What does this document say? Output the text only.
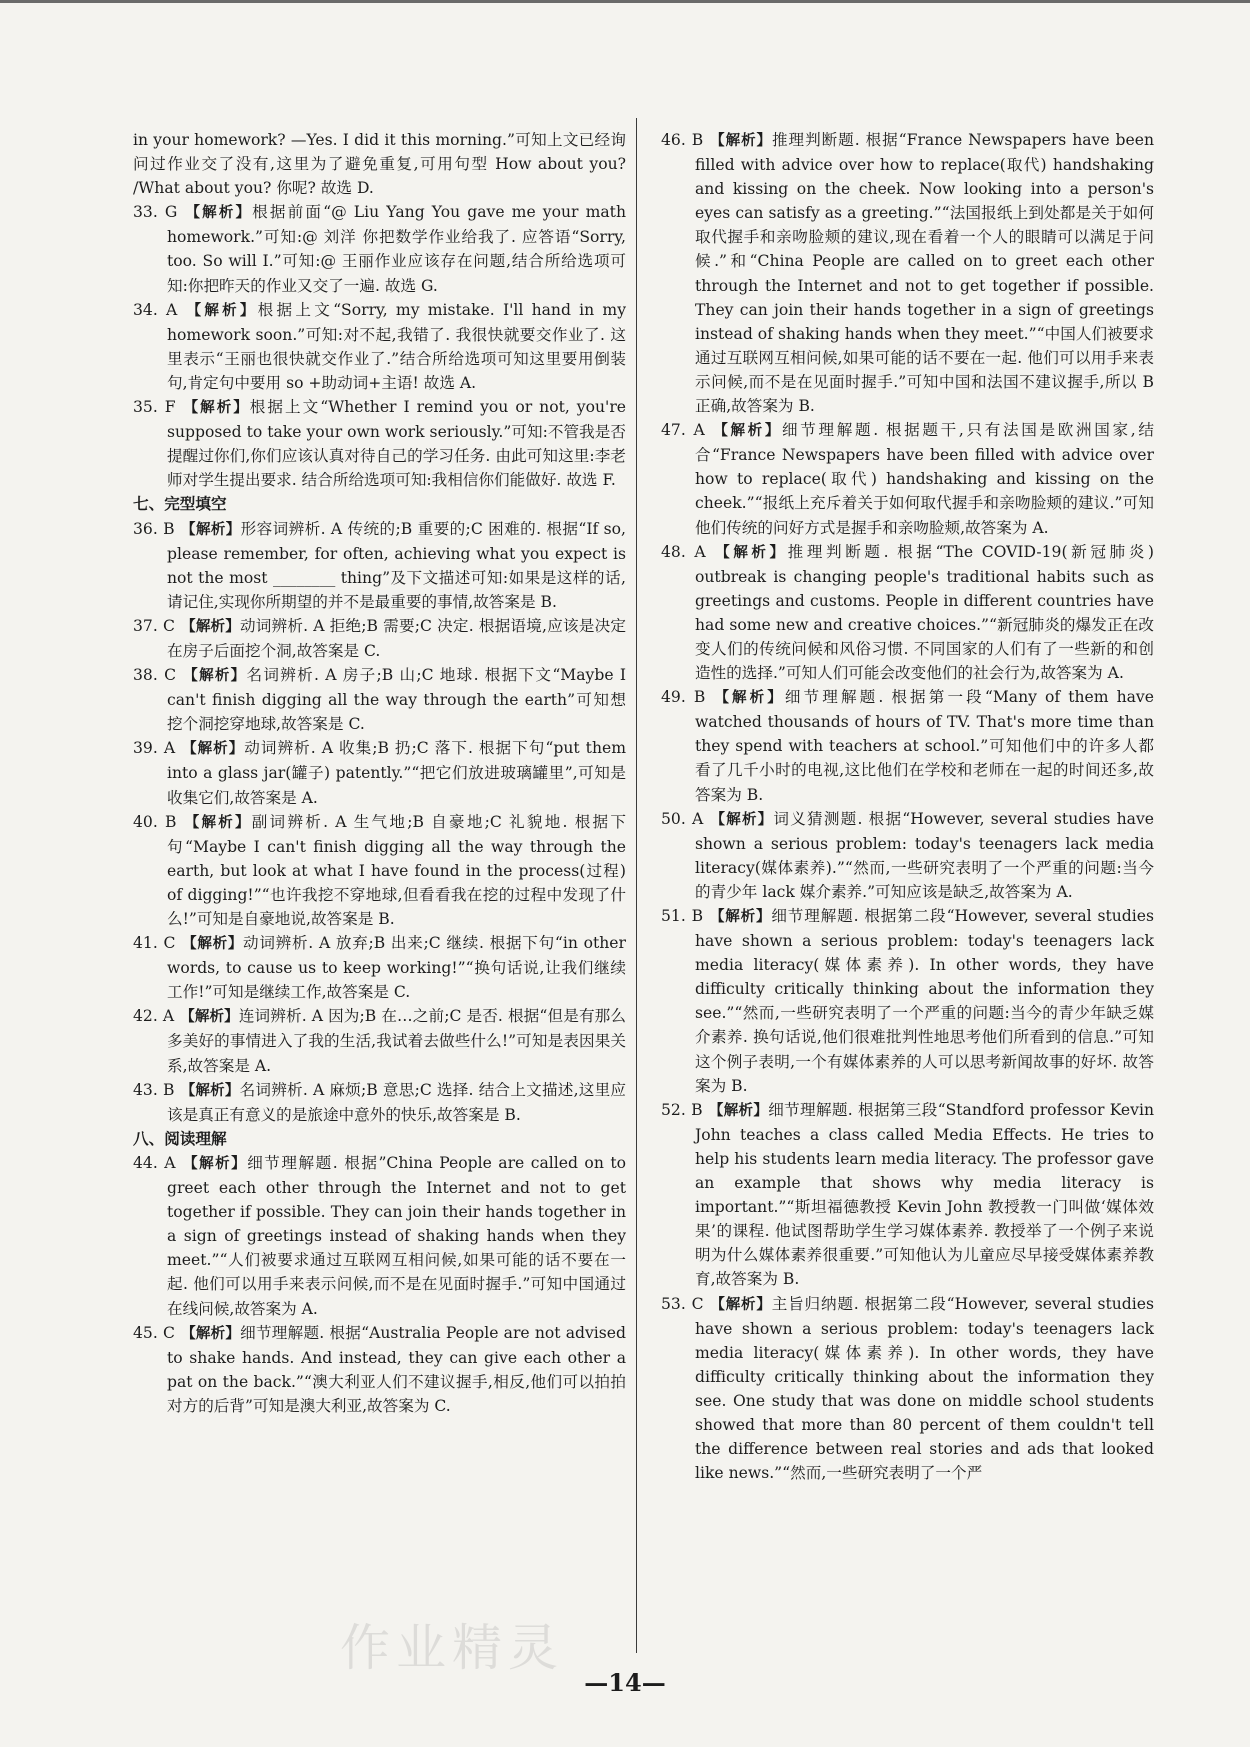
in your homework? —Yes. I did it this morning.”可知上文已经询问过作业交了没有,这里为了避免重复,可用句型 How about you? /What about you? 你呢? 故选 D.

33. G 【解析】根据前面“@ Liu Yang You gave me your math homework.”可知:@ 刘洋 你把数学作业给我了. 应答语“Sorry, too. So will I.”可知:@ 王丽作业应该存在问题,结合所给选项可知:你把昨天的作业又交了一遍. 故选 G.

34. A 【解析】根据上文“Sorry, my mistake. I'll hand in my homework soon.”可知:对不起,我错了. 我很快就要交作业了. 这里表示“王丽也很快就交作业了.”结合所给选项可知这里要用倒装句,肯定句中要用 so +助动词+主语! 故选 A.

35. F 【解析】根据上文“Whether I remind you or not, you're supposed to take your own work seriously.”可知:不管我是否提醒过你们,你们应该认真对待自己的学习任务. 由此可知这里:李老师对学生提出要求. 结合所给选项可知:我相信你们能做好. 故选 F.

七、完型填空

36. B 【解析】形容词辨析. A 传统的;B 重要的;C 困难的. 根据“If so, please remember, for often, achieving what you expect is not the most ________ thing”及下文描述可知:如果是这样的话,请记住,实现你所期望的并不是最重要的事情,故答案是 B.

37. C 【解析】动词辨析. A 拒绝;B 需要;C 决定. 根据语境,应该是决定在房子后面挖个洞,故答案是 C.

38. C 【解析】名词辨析. A 房子;B 山;C 地球. 根据下文“Maybe I can't finish digging all the way through the earth”可知想挖个洞挖穿地球,故答案是 C.

39. A 【解析】动词辨析. A 收集;B 扔;C 落下. 根据下句“put them into a glass jar(罐子) patently.”“把它们放进玻璃罐里”,可知是收集它们,故答案是 A.

40. B 【解析】副词辨析. A 生气地;B 自豪地;C 礼貌地. 根据下句“Maybe I can't finish digging all the way through the earth, but look at what I have found in the process(过程) of digging!”“也许我挖不穿地球,但看看我在挖的过程中发现了什么!”可知是自豪地说,故答案是 B.

41. C 【解析】动词辨析. A 放弃;B 出来;C 继续. 根据下句“in other words, to cause us to keep working!”“换句话说,让我们继续工作!”可知是继续工作,故答案是 C.

42. A 【解析】连词辨析. A 因为;B 在…之前;C 是否. 根据“但是有那么多美好的事情进入了我的生活,我试着去做些什么!”可知是表因果关系,故答案是 A.

43. B 【解析】名词辨析. A 麻烦;B 意思;C 选择. 结合上文描述,这里应该是真正有意义的是旅途中意外的快乐,故答案是 B.

八、阅读理解

44. A 【解析】细节理解题. 根据”China People are called on to greet each other through the Internet and not to get together if possible. They can join their hands together in a sign of greetings instead of shaking hands when they meet.”“人们被要求通过互联网互相问候,如果可能的话不要在一起. 他们可以用手来表示问候,而不是在见面时握手.”可知中国通过在线问候,故答案为 A.

45. C 【解析】细节理解题. 根据“Australia People are not advised to shake hands. And instead, they can give each other a pat on the back.”“澳大利亚人们不建议握手,相反,他们可以拍拍对方的后背”可知是澳大利亚,故答案为 C.

46. B 【解析】推理判断题. 根据“France Newspapers have been filled with advice over how to replace(取代) handshaking and kissing on the cheek. Now looking into a person's eyes can satisfy as a greeting.”“法国报纸上到处都是关于如何取代握手和亲吻脸颊的建议,现在看着一个人的眼睛可以满足于问候.”和“China People are called on to greet each other through the Internet and not to get together if possible. They can join their hands together in a sign of greetings instead of shaking hands when they meet.”“中国人们被要求通过互联网互相问候,如果可能的话不要在一起. 他们可以用手来表示问候,而不是在见面时握手.”可知中国和法国不建议握手,所以 B 正确,故答案为 B.

47. A 【解析】细节理解题. 根据题干,只有法国是欧洲国家,结合“France Newspapers have been filled with advice over how to replace(取代) handshaking and kissing on the cheek.”“报纸上充斥着关于如何取代握手和亲吻脸颊的建议.”可知他们传统的问好方式是握手和亲吻脸颊,故答案为 A.

48. A 【解析】推理判断题. 根据“The COVID-19(新冠肺炎) outbreak is changing people's traditional habits such as greetings and customs. People in different countries have had some new and creative choices.”“新冠肺炎的爆发正在改变人们的传统问候和风俗习惯. 不同国家的人们有了一些新的和创造性的选择.”可知人们可能会改变他们的社会行为,故答案为 A.

49. B 【解析】细节理解题. 根据第一段“Many of them have watched thousands of hours of TV. That's more time than they spend with teachers at school.”可知他们中的许多人都看了几千小时的电视,这比他们在学校和老师在一起的时间还多,故答案为 B.

50. A 【解析】词义猜测题. 根据“However, several studies have shown a serious problem: today's teenagers lack media literacy(媒体素养).”“然而,一些研究表明了一个严重的问题:当今的青少年 lack 媒介素养.”可知应该是缺乏,故答案为 A.

51. B 【解析】细节理解题. 根据第二段“However, several studies have shown a serious problem: today's teenagers lack media literacy(媒体素养). In other words, they have difficulty critically thinking about the information they see.”“然而,一些研究表明了一个严重的问题:当今的青少年缺乏媒介素养. 换句话说,他们很难批判性地思考他们所看到的信息.”可知这个例子表明,一个有媒体素养的人可以思考新闻故事的好坏. 故答案为 B.

52. B 【解析】细节理解题. 根据第三段“Standford professor Kevin John teaches a class called Media Effects. He tries to help his students learn media literacy. The professor gave an example that shows why media literacy is important.”“斯坦福德教授 Kevin John 教授教一门叫做‘媒体效果’的课程. 他试图帮助学生学习媒体素养. 教授举了一个例子来说明为什么媒体素养很重要.”可知他认为儿童应尽早接受媒体素养教育,故答案为 B.

53. C 【解析】主旨归纳题. 根据第二段“However, several studies have shown a serious problem: today's teenagers lack media literacy(媒体素养). In other words, they have difficulty critically thinking about the information they see. One study that was done on middle school students showed that more than 80 percent of them couldn't tell the difference between real stories and ads that looked like news.”“然而,一些研究表明了一个严

作业精灵
—14—
